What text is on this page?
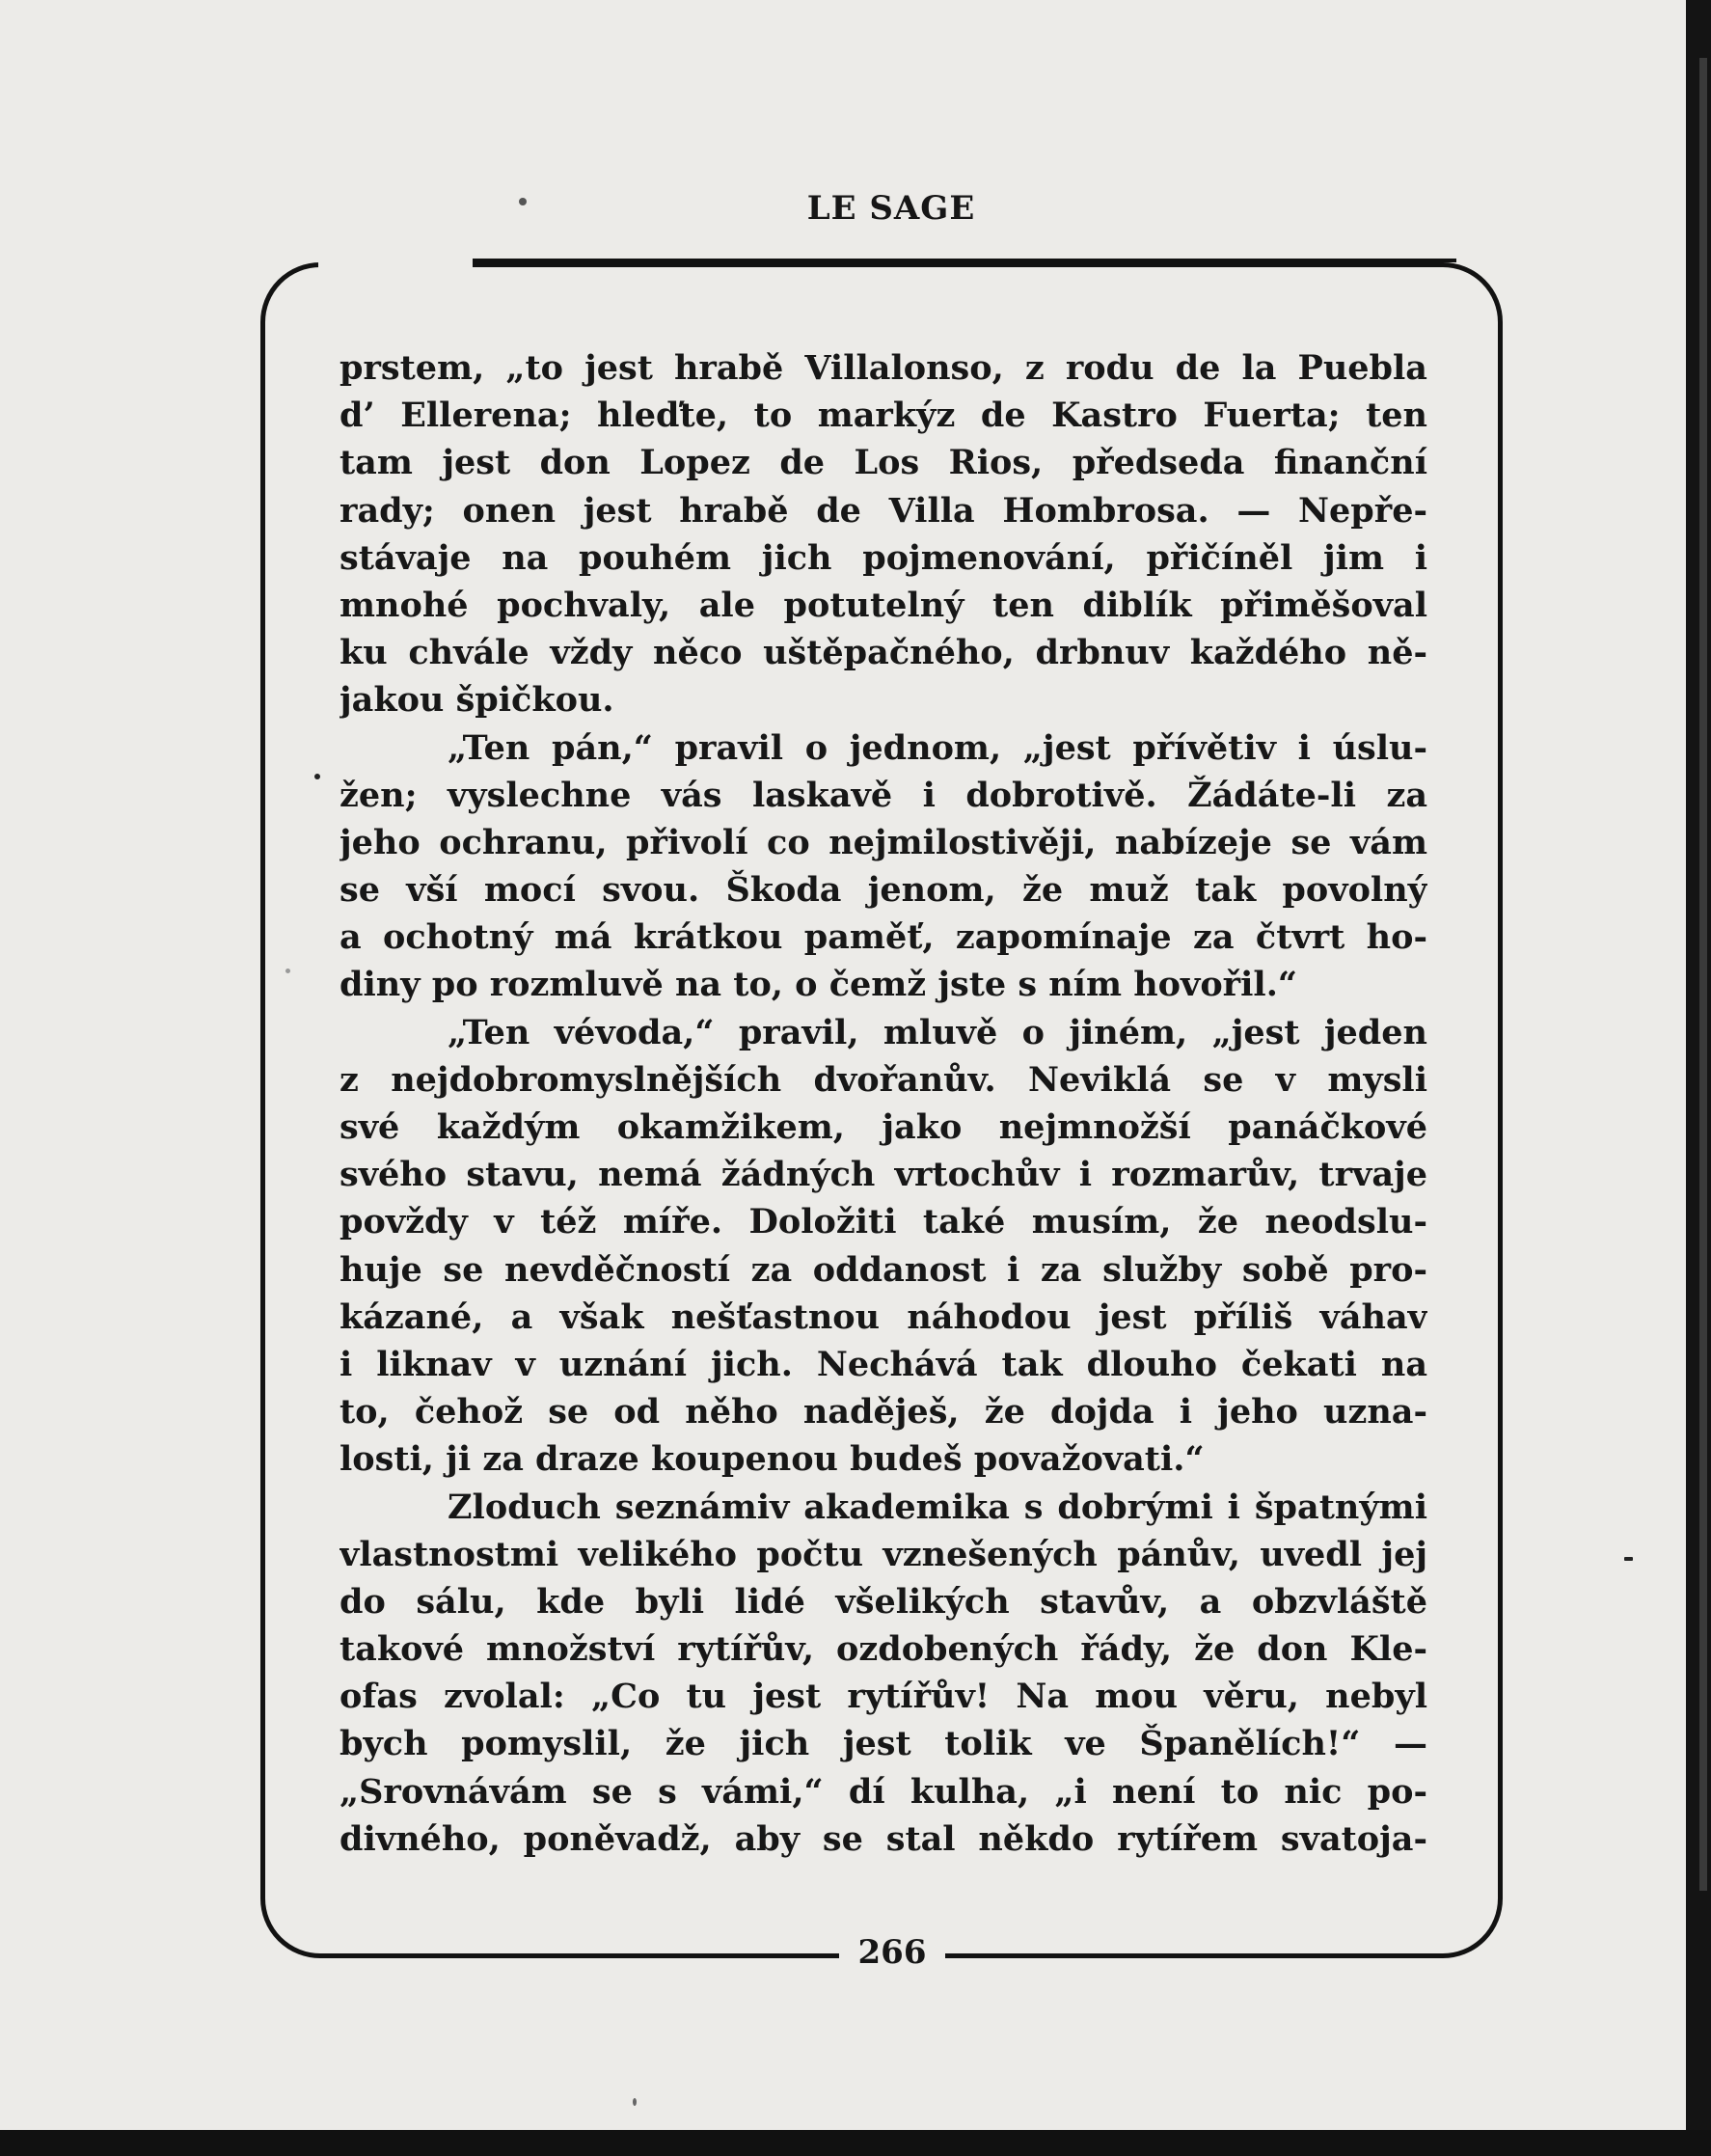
LE SAGE
266
prstem, „to jest hrabě Villalonso, z rodu de la Puebla
d’ Ellerena; hleďte, to markýz de Kastro Fuerta; ten
tam jest don Lopez de Los Rios, předseda finanční
rady; onen jest hrabě de Villa Hombrosa. — Nepře-
stávaje na pouhém jich pojmenování, přičíněl jim i
mnohé pochvaly, ale potutelný ten diblík přiměšoval
ku chvále vždy něco uštěpačného, drbnuv každého ně-
jakou špičkou.
„Ten pán,“ pravil o jednom, „jest přívětiv i úslu-
žen; vyslechne vás laskavě i dobrotivě. Žádáte-li za
jeho ochranu, přivolí co nejmilostivěji, nabízeje se vám
se vší mocí svou. Škoda jenom, že muž tak povolný
a ochotný má krátkou paměť, zapomínaje za čtvrt ho-
diny po rozmluvě na to, o čemž jste s ním hovořil.“
„Ten vévoda,“ pravil, mluvě o jiném, „jest jeden
z nejdobromyslnějších dvořanův. Neviklá se v mysli
své každým okamžikem, jako nejmnožší panáčkové
svého stavu, nemá žádných vrtochův i rozmarův, trvaje
povždy v též míře. Doložiti také musím, že neodslu-
huje se nevděčností za oddanost i za služby sobě pro-
kázané, a však nešťastnou náhodou jest příliš váhav
i liknav v uznání jich. Nechává tak dlouho čekati na
to, čehož se od něho naděješ, že dojda i jeho uzna-
losti, ji za draze koupenou budeš považovati.“
Zloduch seznámiv akademika s dobrými i špatnými
vlastnostmi velikého počtu vznešených pánův, uvedl jej
do sálu, kde byli lidé všelikých stavův, a obzvláště
takové množství rytířův, ozdobených řády, že don Kle-
ofas zvolal: „Co tu jest rytířův! Na mou věru, nebyl
bych pomyslil, že jich jest tolik ve Španělích!“ —
„Srovnávám se s vámi,“ dí kulha, „i není to nic po-
divného, poněvadž, aby se stal někdo rytířem svatoja-
